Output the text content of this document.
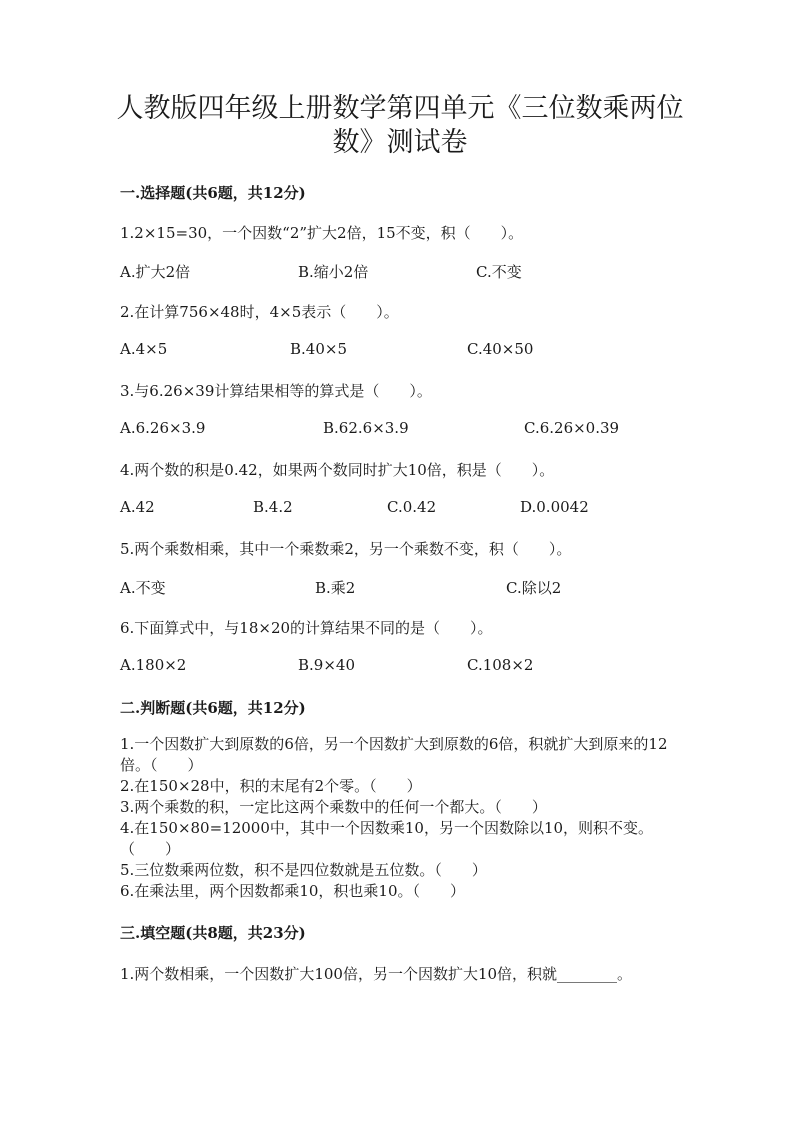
人教版四年级上册数学第四单元《三位数乘两位
数》测试卷
一.选择题(共6题，共12分)
1.2×15=30，一个因数“2”扩大2倍，15不变，积（　　）。
A.扩大2倍	B.缩小2倍	C.不变
2.在计算756×48时，4×5表示（　　）。
A.4×5	B.40×5	C.40×50
3.与6.26×39计算结果相等的算式是（　　）。
A.6.26×3.9	B.62.6×3.9	C.6.26×0.39
4.两个数的积是0.42，如果两个数同时扩大10倍，积是（　　）。
A.42	B.4.2	C.0.42	D.0.0042
5.两个乘数相乘，其中一个乘数乘2，另一个乘数不变，积（　　）。
A.不变	B.乘2	C.除以2
6.下面算式中，与18×20的计算结果不同的是（　　）。
A.180×2	B.9×40	C.108×2
二.判断题(共6题，共12分)
1.一个因数扩大到原数的6倍，另一个因数扩大到原数的6倍，积就扩大到原来的12倍。（　　）
2.在150×28中，积的末尾有2个零。（　　）
3.两个乘数的积，一定比这两个乘数中的任何一个都大。（　　）
4.在150×80=12000中，其中一个因数乘10，另一个因数除以10，则积不变。（　　）
5.三位数乘两位数，积不是四位数就是五位数。（　　）
6.在乘法里，两个因数都乘10，积也乘10。（　　）
三.填空题(共8题，共23分)
1.两个数相乘，一个因数扩大100倍，另一个因数扩大10倍，积就________。
